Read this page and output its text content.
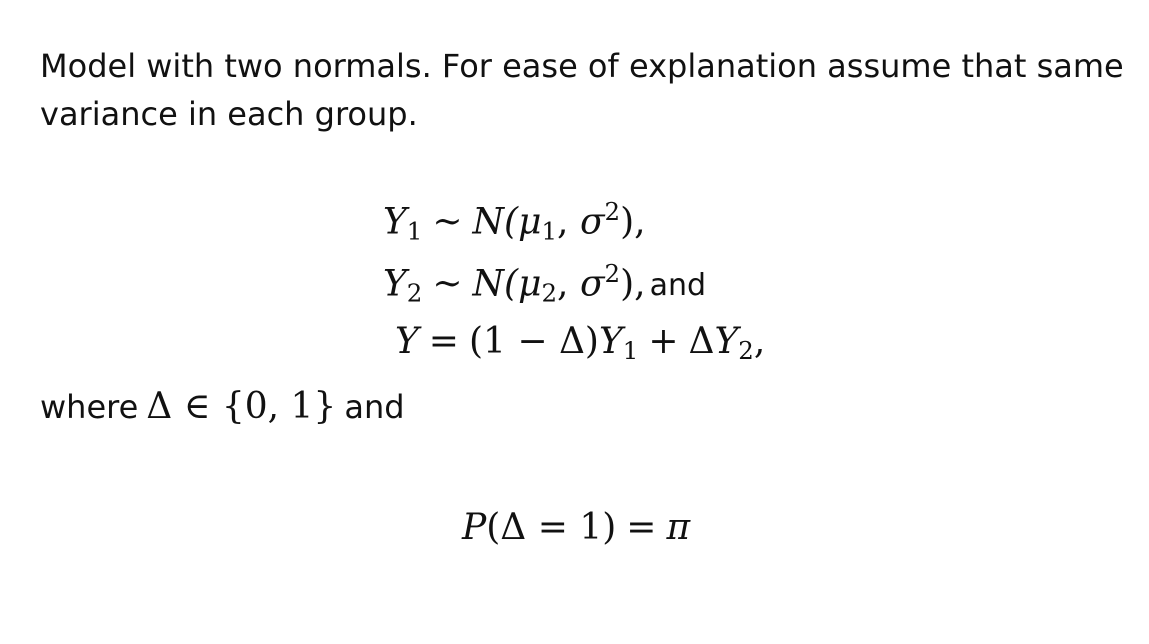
Model with two normals. For ease of explanation assume that same
variance in each group.
Y1 ∼ N(μ1, $\sigma^2$),
Y2 ∼ N(μ2, $\sigma^2$), and
Y = (1 − Δ)Y1 + ΔY2,
where Δ ∈ {0, 1} and
P(Δ = 1) = π
